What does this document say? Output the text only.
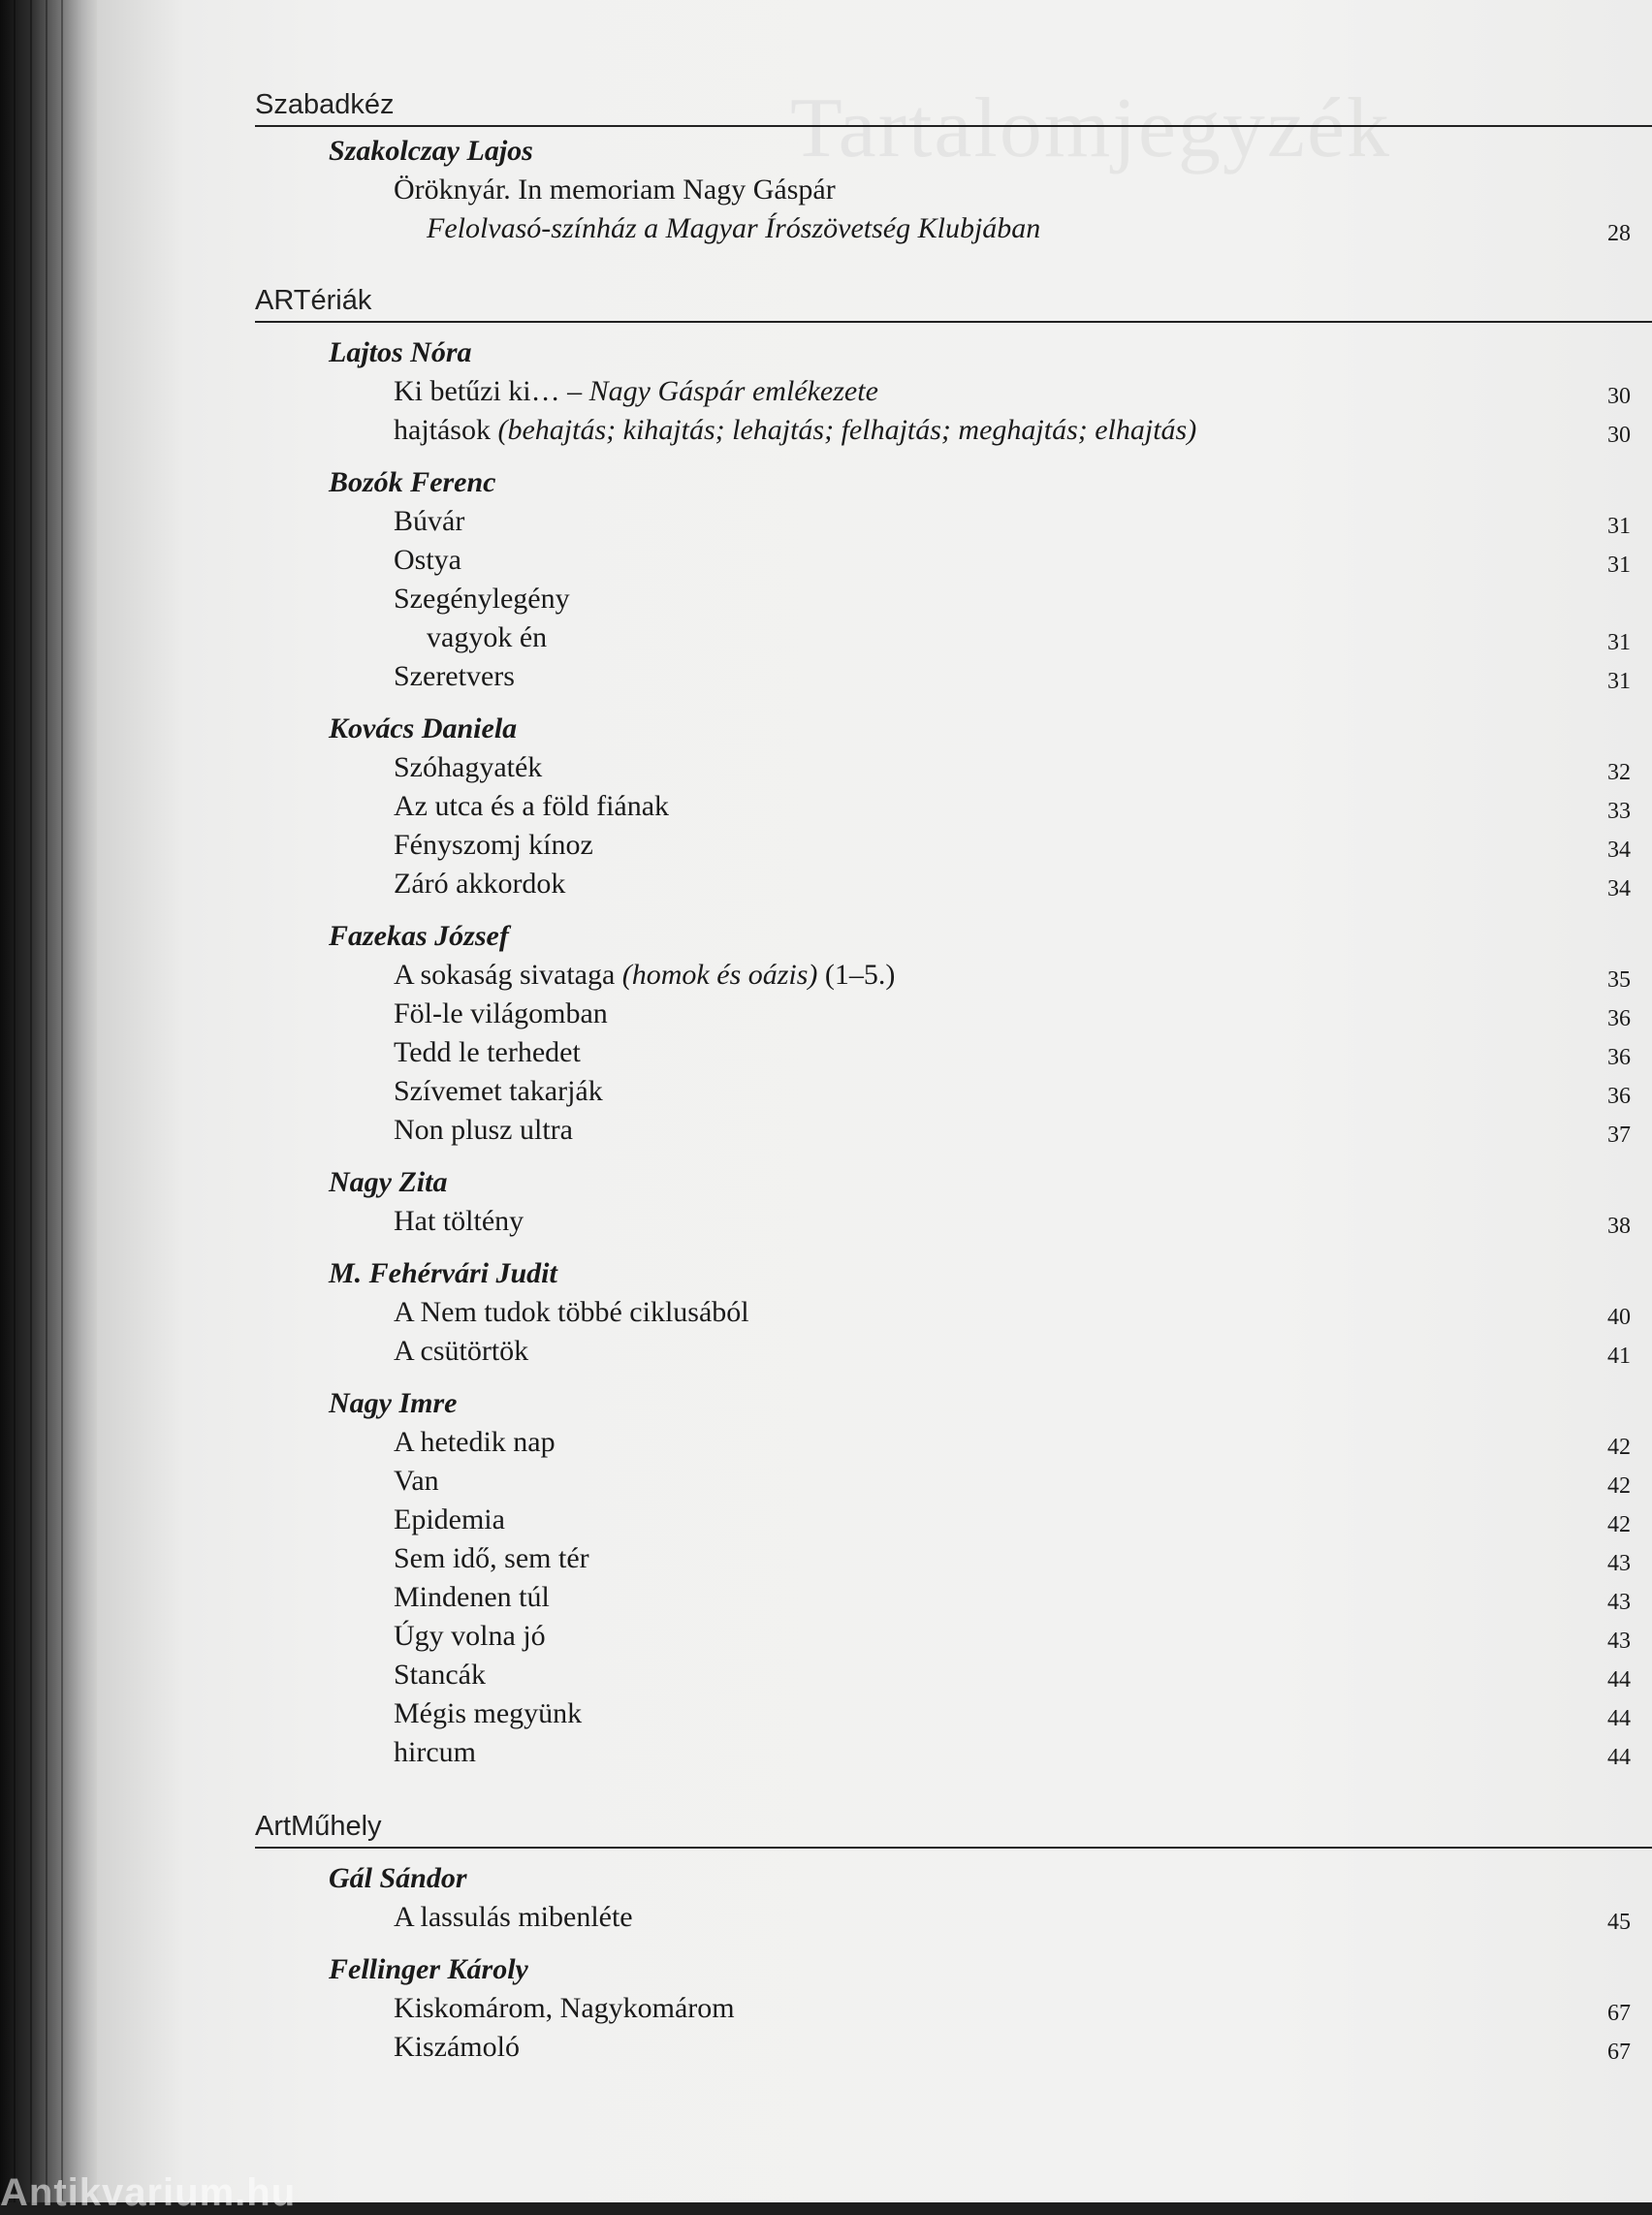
Tartalomjegyzék
Szabadkéz
ARTériák
ArtMűhely
Szakolczay Lajos
Öröknyár. In memoriam Nagy Gáspár
Felolvasó-színház a Magyar Írószövetség Klubjában	28
Lajtos Nóra
Ki betűzi ki… – Nagy Gáspár emlékezete	30
hajtások (behajtás; kihajtás; lehajtás; felhajtás; meghajtás; elhajtás)	30
Bozók Ferenc
Búvár	31
Ostya	31
Szegénylegény
vagyok én	31
Szeretvers	31
Kovács Daniela
Szóhagyaték	32
Az utca és a föld fiának	33
Fényszomj kínoz	34
Záró akkordok	34
Fazekas József
A sokaság sivataga (homok és oázis) (1–5.)	35
Föl-le világomban	36
Tedd le terhedet	36
Szívemet takarják	36
Non plusz ultra	37
Nagy Zita
Hat töltény	38
M. Fehérvári Judit
A Nem tudok többé ciklusából	40
A csütörtök	41
Nagy Imre
A hetedik nap	42
Van	42
Epidemia	42
Sem idő, sem tér	43
Mindenen túl	43
Úgy volna jó	43
Stancák	44
Mégis megyünk	44
hircum	44
Gál Sándor
A lassulás mibenléte	45
Fellinger Károly
Kiskomárom, Nagykomárom	67
Kiszámoló	67
Antikvarium.hu
